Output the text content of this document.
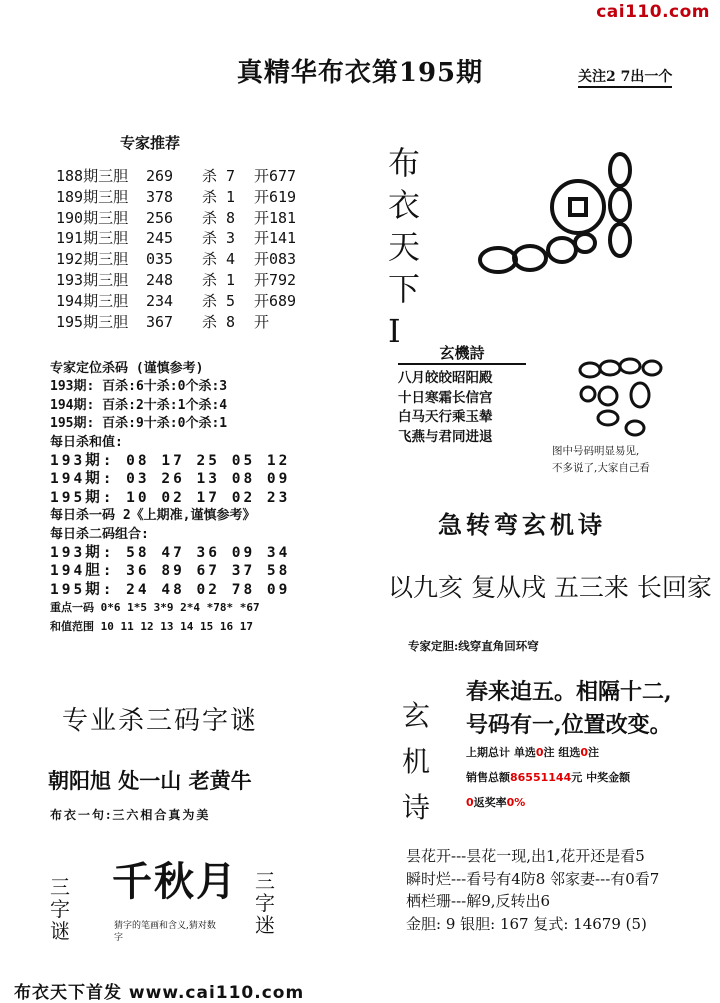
cai110.com
真精华布衣第195期	关注2 7出一个
专家推荐
188期三胆 269 杀 7 开677
189期三胆 378 杀 1 开619
190期三胆 256 杀 8 开181
191期三胆 245 杀 3 开141
192期三胆 035 杀 4 开083
193期三胆 248 杀 1 开792
194期三胆 234 杀 5 开689
195期三胆 367 杀 8 开
专家定位杀码 (谨慎参考)
193期: 百杀:6十杀:0个杀:3
194期: 百杀:2十杀:1个杀:4
195期: 百杀:9十杀:0个杀:1
每日杀和值:
193期: 08 17 25 05 12
194期: 03 26 13 08 09
195期: 10 02 17 02 23
每日杀一码 2《上期准,谨慎参考》
每日杀二码组合:
193期: 58 47 36 09 34
194胆: 36 89 67 37 58
195期: 24 48 02 78 09
重点一码 0*6 1*5 3*9 2*4 *78* *67
和值范围 10 11 12 13 14 15 16 17
布
衣
天
下
I
玄機詩
八月皎皎昭阳殿
十日寒霜长信宫
白马天行乘玉辇
飞燕与君同进退
图中号码明显易见,
不多说了,大家自己看
急转弯玄机诗
以九亥 复从戌 五三来 长回家
专家定胆:线穿直角回环穹
玄
机
诗
春来迫五。相隔十二,
号码有一,位置改变。
上期总计 单选0注 组选0注
销售总额86551144元 中奖金额
0返奖率0%
昙花开---昙花一现,出1,花开还是看5
瞬时烂---看号有4防8 邻家妻---有0看7
栖栏珊---解9,反转出6
金胆: 9 银胆: 167 复式: 14679 (5)
专业杀三码字谜
朝阳旭 处一山 老黄牛
布衣一句:三六相合真为美
三
字
谜
千秋月
猜字的笔画和含义,猜对数字
三
字
迷
布衣天下首发 www.cai110.com
